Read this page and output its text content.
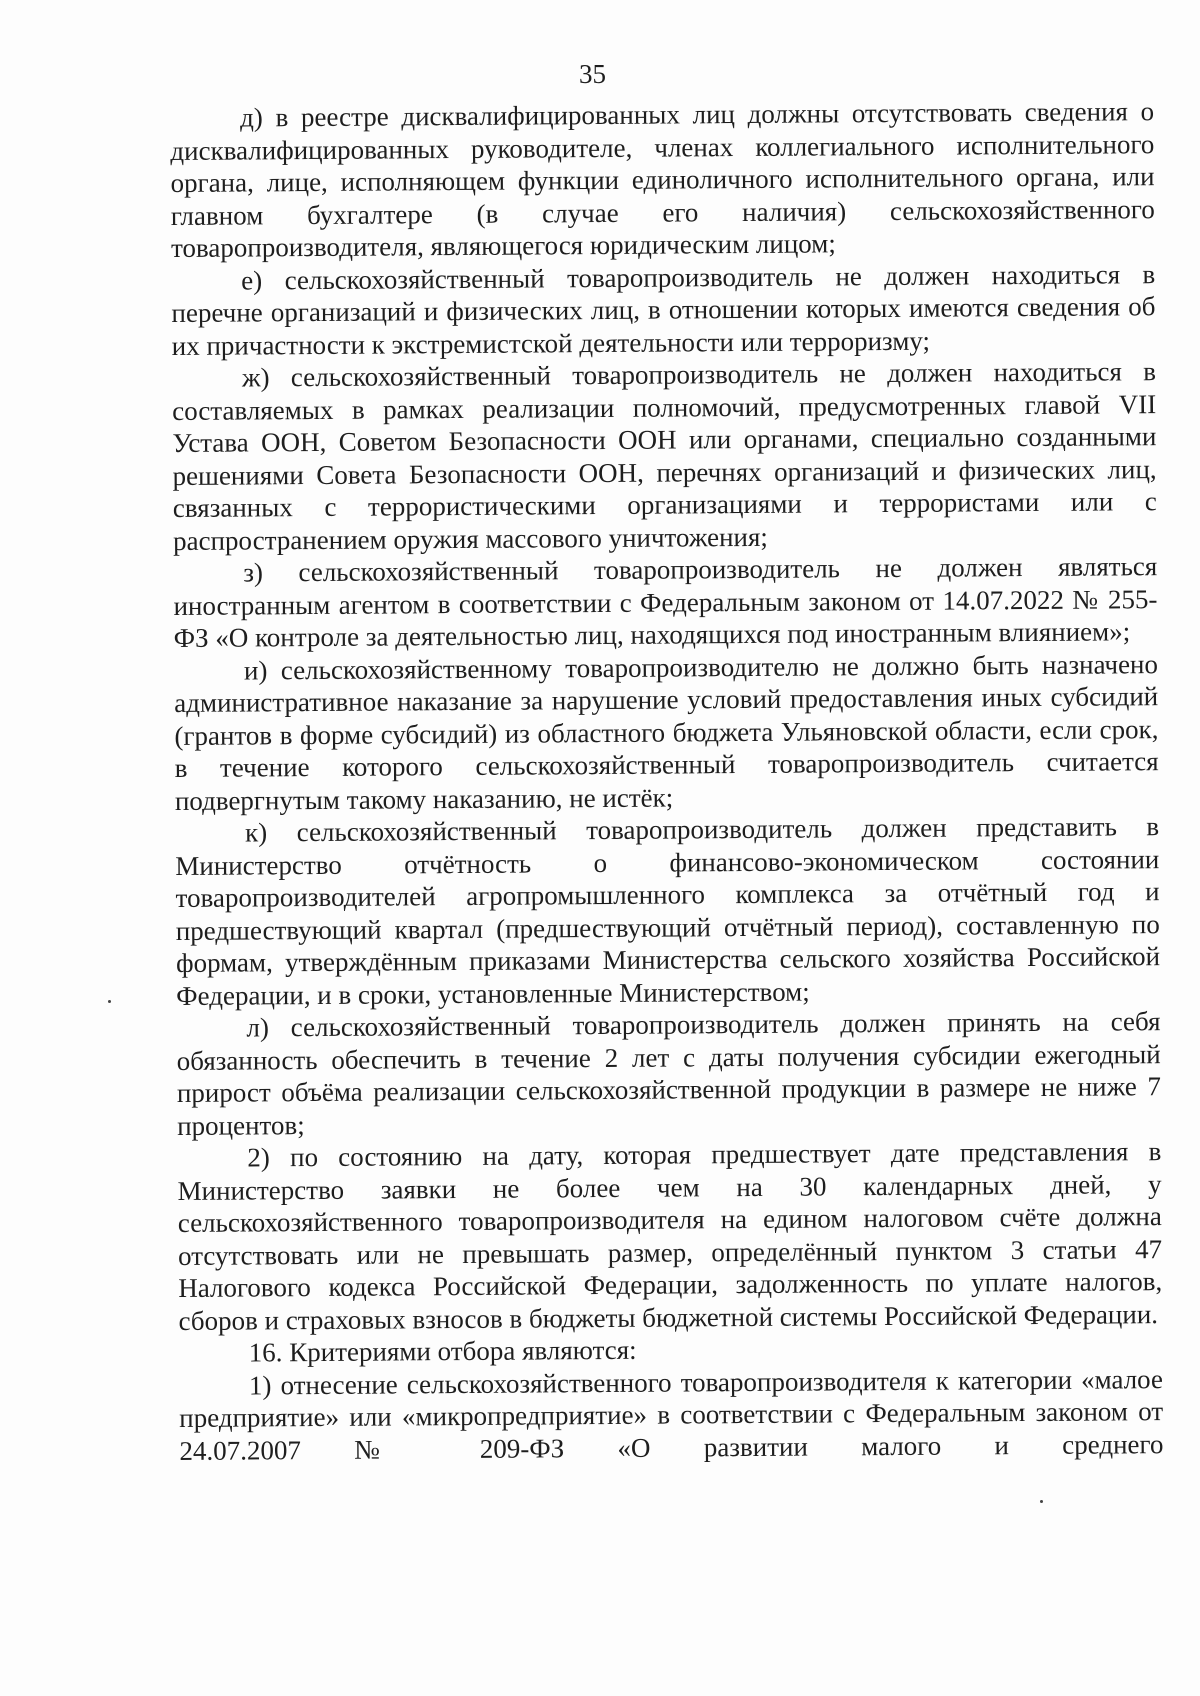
35

д) в реестре дисквалифицированных лиц должны отсутствовать сведения о дисквалифицированных руководителе, членах коллегиального исполнительного органа, лице, исполняющем функции единоличного исполнительного органа, или главном бухгалтере (в случае его наличия) сельскохозяйственного товаропроизводителя, являющегося юридическим лицом;

е) сельскохозяйственный товаропроизводитель не должен находиться в перечне организаций и физических лиц, в отношении которых имеются сведения об их причастности к экстремистской деятельности или терроризму;

ж) сельскохозяйственный товаропроизводитель не должен находиться в составляемых в рамках реализации полномочий, предусмотренных главой VII Устава ООН, Советом Безопасности ООН или органами, специально созданными решениями Совета Безопасности ООН, перечнях организаций и физических лиц, связанных с террористическими организациями и террористами или с распространением оружия массового уничтожения;

з) сельскохозяйственный товаропроизводитель не должен являться иностранным агентом в соответствии с Федеральным законом от 14.07.2022 № 255-ФЗ «О контроле за деятельностью лиц, находящихся под иностранным влиянием»;

и) сельскохозяйственному товаропроизводителю не должно быть назначено административное наказание за нарушение условий предоставления иных субсидий (грантов в форме субсидий) из областного бюджета Ульяновской области, если срок, в течение которого сельскохозяйственный товаропроизводитель считается подвергнутым такому наказанию, не истёк;

к) сельскохозяйственный товаропроизводитель должен представить в Министерство отчётность о финансово-экономическом состоянии товаропроизводителей агропромышленного комплекса за отчётный год и предшествующий квартал (предшествующий отчётный период), составленную по формам, утверждённым приказами Министерства сельского хозяйства Российской Федерации, и в сроки, установленные Министерством;

л) сельскохозяйственный товаропроизводитель должен принять на себя обязанность обеспечить в течение 2 лет с даты получения субсидии ежегодный прирост объёма реализации сельскохозяйственной продукции в размере не ниже 7 процентов;

2) по состоянию на дату, которая предшествует дате представления в Министерство заявки не более чем на 30 календарных дней, у сельскохозяйственного товаропроизводителя на едином налоговом счёте должна отсутствовать или не превышать размер, определённый пунктом 3 статьи 47 Налогового кодекса Российской Федерации, задолженность по уплате налогов, сборов и страховых взносов в бюджеты бюджетной системы Российской Федерации.

16. Критериями отбора являются:

1) отнесение сельскохозяйственного товаропроизводителя к категории «малое предприятие» или «микропредприятие» в соответствии с Федеральным законом от 24.07.2007 № 209-ФЗ «О развитии малого и среднего
